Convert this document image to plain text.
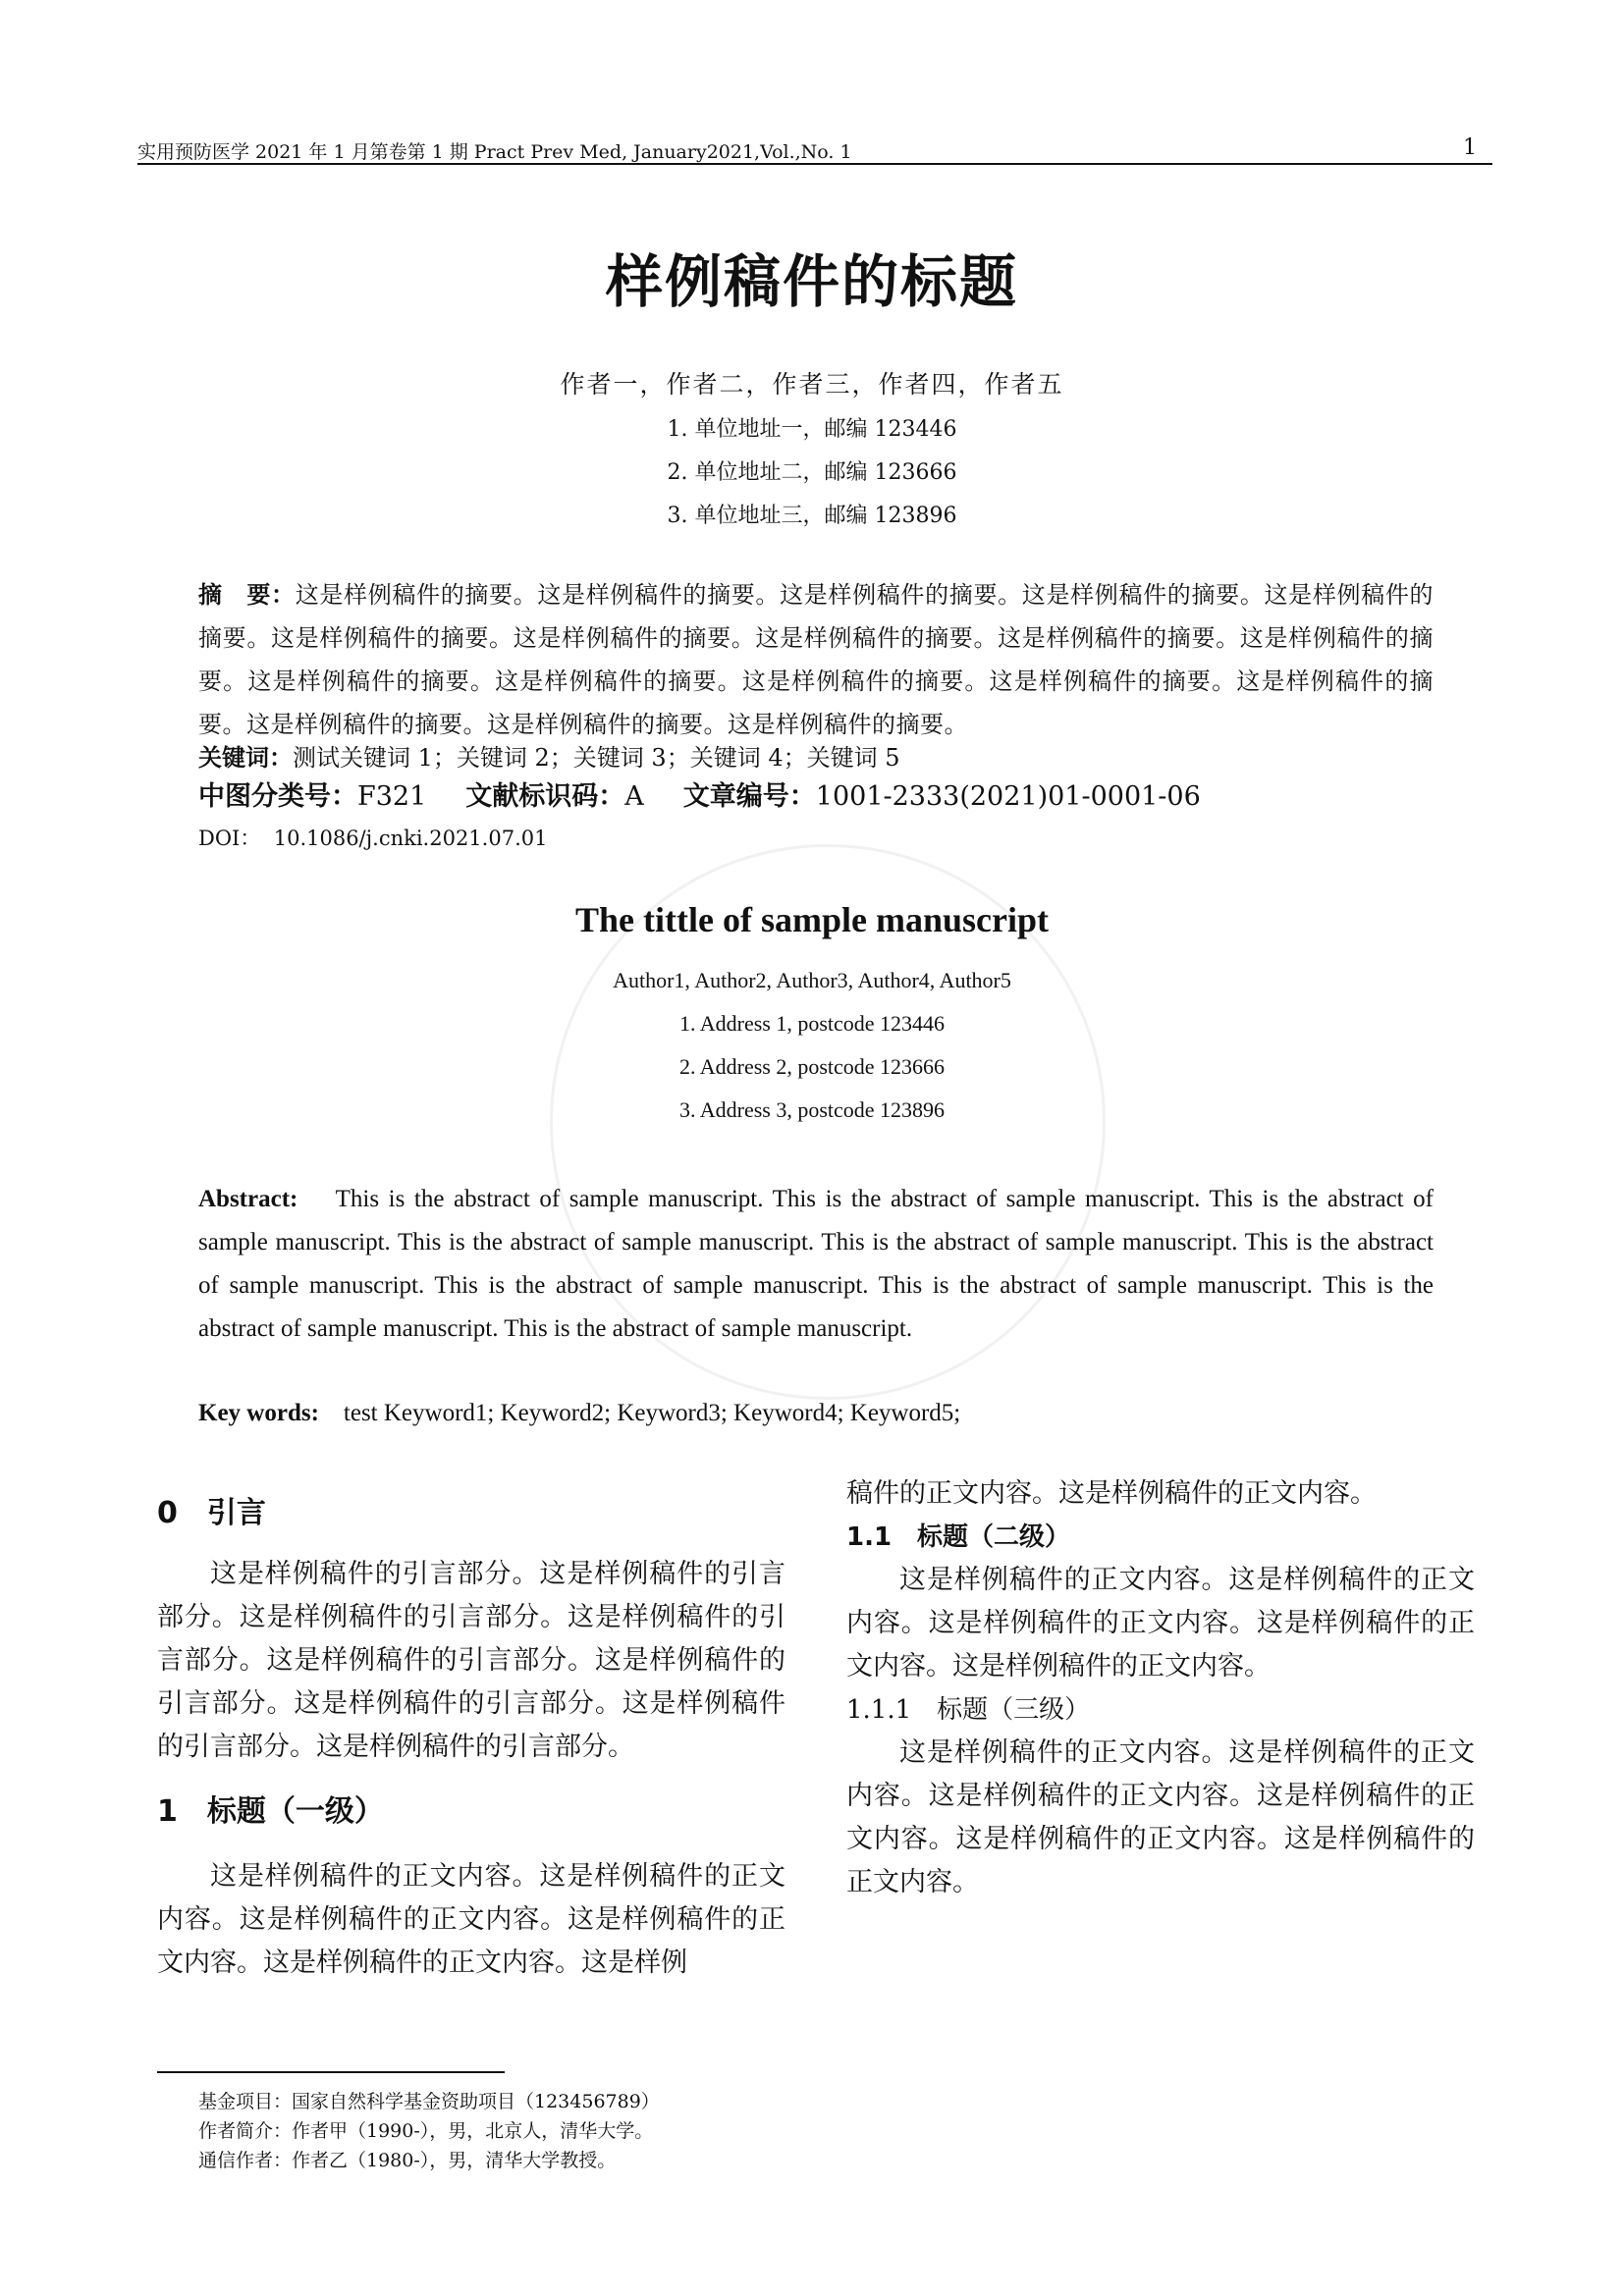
实用预防医学 2021 年 1 月第卷第 1 期 Pract Prev Med, January2021,Vol.,No. 1	1
样例稿件的标题
作者一，作者二，作者三，作者四，作者五
1. 单位地址一，邮编 123446
2. 单位地址二，邮编 123666
3. 单位地址三，邮编 123896
摘　要：这是样例稿件的摘要。这是样例稿件的摘要。这是样例稿件的摘要。这是样例稿件的摘要。这是样例稿件的摘要。这是样例稿件的摘要。这是样例稿件的摘要。这是样例稿件的摘要。这是样例稿件的摘要。这是样例稿件的摘要。这是样例稿件的摘要。这是样例稿件的摘要。这是样例稿件的摘要。这是样例稿件的摘要。这是样例稿件的摘要。这是样例稿件的摘要。这是样例稿件的摘要。这是样例稿件的摘要。
关键词：测试关键词 1；关键词 2；关键词 3；关键词 4；关键词 5
中图分类号：F321 文献标识码：A 文章编号：1001-2333(2021)01-0001-06
DOI： 10.1086/j.cnki.2021.07.01
The tittle of sample manuscript
Author1, Author2, Author3, Author4, Author5
1. Address 1, postcode 123446
2. Address 2, postcode 123666
3. Address 3, postcode 123896
Abstract: This is the abstract of sample manuscript. This is the abstract of sample manuscript. This is the abstract of sample manuscript. This is the abstract of sample manuscript. This is the abstract of sample manuscript. This is the abstract of sample manuscript. This is the abstract of sample manuscript. This is the abstract of sample manuscript. This is the abstract of sample manuscript. This is the abstract of sample manuscript.
Key words: test Keyword1; Keyword2; Keyword3; Keyword4; Keyword5;
0　引言
这是样例稿件的引言部分。这是样例稿件的引言部分。这是样例稿件的引言部分。这是样例稿件的引言部分。这是样例稿件的引言部分。这是样例稿件的引言部分。这是样例稿件的引言部分。这是样例稿件的引言部分。这是样例稿件的引言部分。
1　标题（一级）
这是样例稿件的正文内容。这是样例稿件的正文内容。这是样例稿件的正文内容。这是样例稿件的正文内容。这是样例稿件的正文内容。这是样例
稿件的正文内容。这是样例稿件的正文内容。
1.1　标题（二级）
这是样例稿件的正文内容。这是样例稿件的正文内容。这是样例稿件的正文内容。这是样例稿件的正文内容。这是样例稿件的正文内容。
1.1.1　标题（三级）
这是样例稿件的正文内容。这是样例稿件的正文内容。这是样例稿件的正文内容。这是样例稿件的正文内容。这是样例稿件的正文内容。这是样例稿件的正文内容。
基金项目：国家自然科学基金资助项目（123456789）
作者简介：作者甲（1990-），男，北京人，清华大学。
通信作者：作者乙（1980-），男，清华大学教授。
